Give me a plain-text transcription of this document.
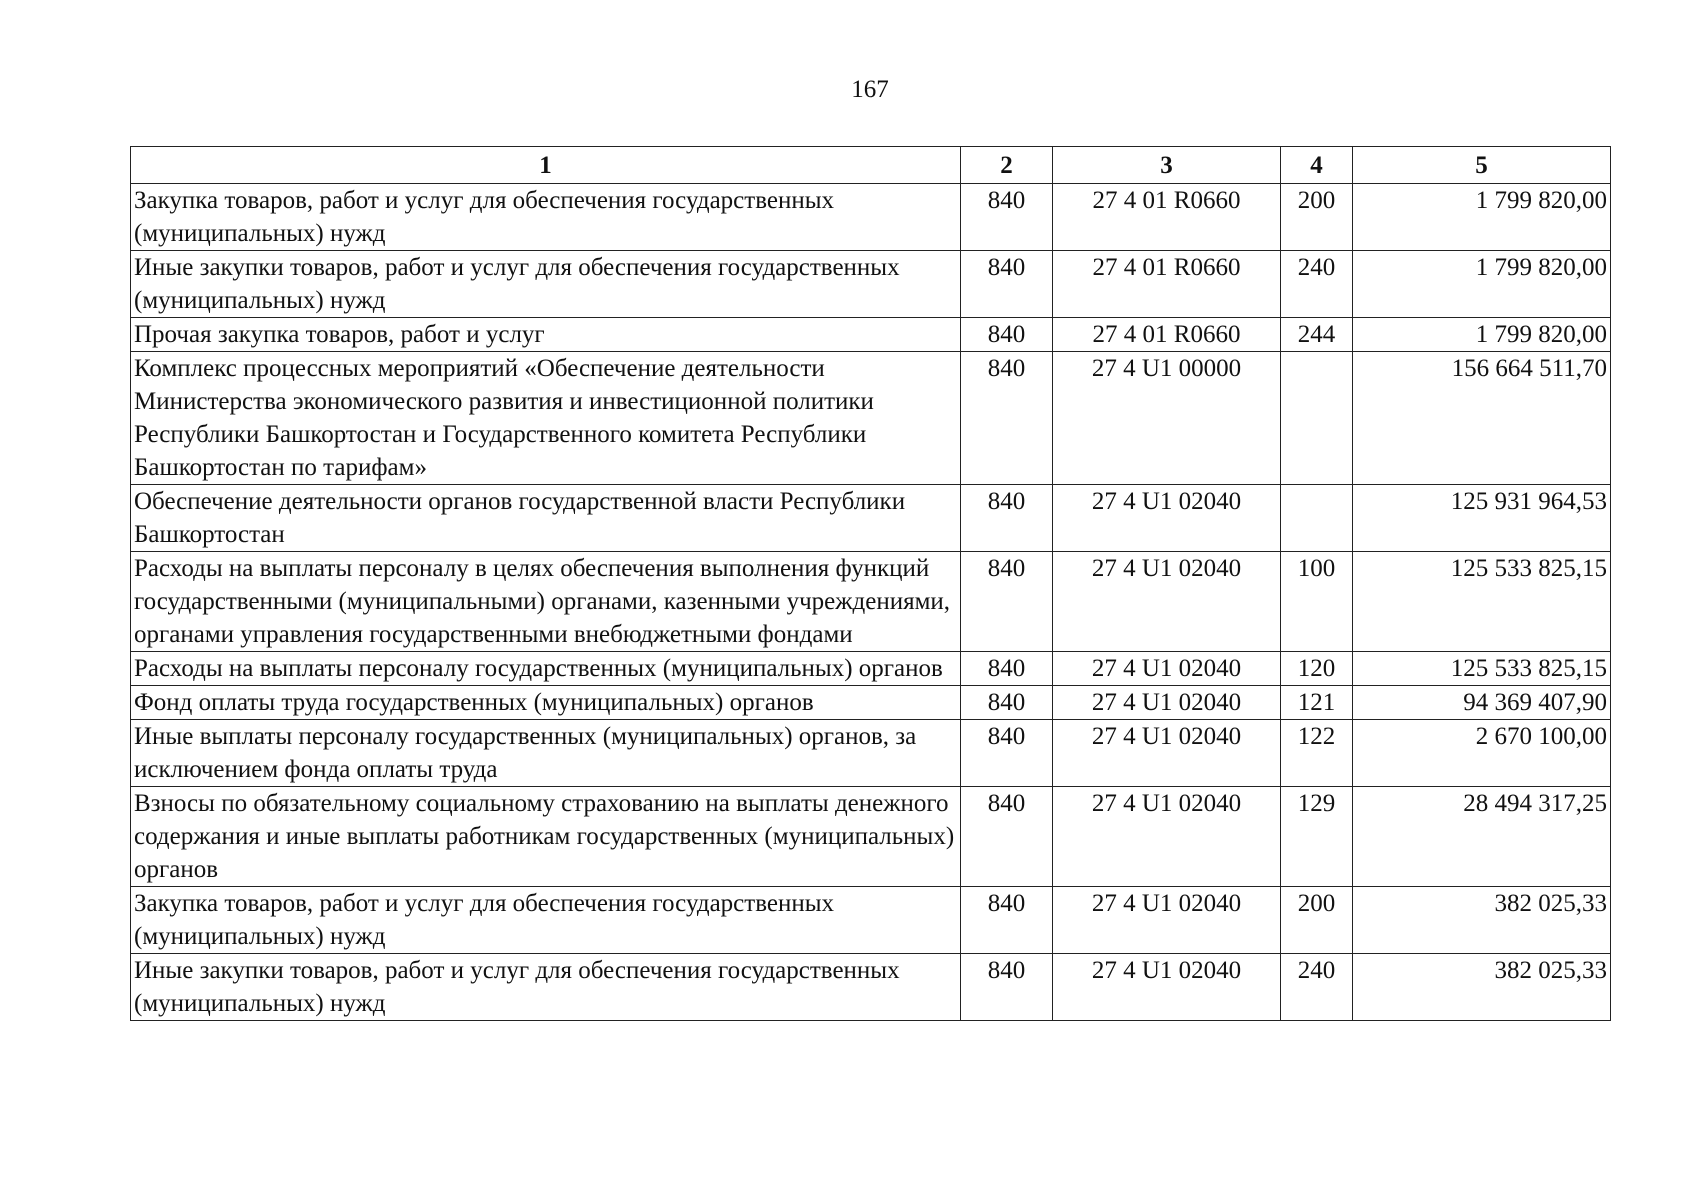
167
1	2	3	4	5
Закупка товаров, работ и услуг для обеспечения государственных (муниципальных) нужд	840	27 4 01 R0660	200	1 799 820,00
Иные закупки товаров, работ и услуг для обеспечения государственных (муниципальных) нужд	840	27 4 01 R0660	240	1 799 820,00
Прочая закупка товаров, работ и услуг	840	27 4 01 R0660	244	1 799 820,00
Комплекс процессных мероприятий «Обеспечение деятельности Министерства экономического развития и инвестиционной политики Республики Башкортостан и Государственного комитета Республики Башкортостан по тарифам»	840	27 4 U1 00000		156 664 511,70
Обеспечение деятельности органов государственной власти Республики Башкортостан	840	27 4 U1 02040		125 931 964,53
Расходы на выплаты персоналу в целях обеспечения выполнения функций государственными (муниципальными) органами, казенными учреждениями, органами управления государственными внебюджетными фондами	840	27 4 U1 02040	100	125 533 825,15
Расходы на выплаты персоналу государственных (муниципальных) органов	840	27 4 U1 02040	120	125 533 825,15
Фонд оплаты труда государственных (муниципальных) органов	840	27 4 U1 02040	121	94 369 407,90
Иные выплаты персоналу государственных (муниципальных) органов, за исключением фонда оплаты труда	840	27 4 U1 02040	122	2 670 100,00
Взносы по обязательному социальному страхованию на выплаты денежного содержания и иные выплаты работникам государственных (муниципальных) органов	840	27 4 U1 02040	129	28 494 317,25
Закупка товаров, работ и услуг для обеспечения государственных (муниципальных) нужд	840	27 4 U1 02040	200	382 025,33
Иные закупки товаров, работ и услуг для обеспечения государственных (муниципальных) нужд	840	27 4 U1 02040	240	382 025,33
